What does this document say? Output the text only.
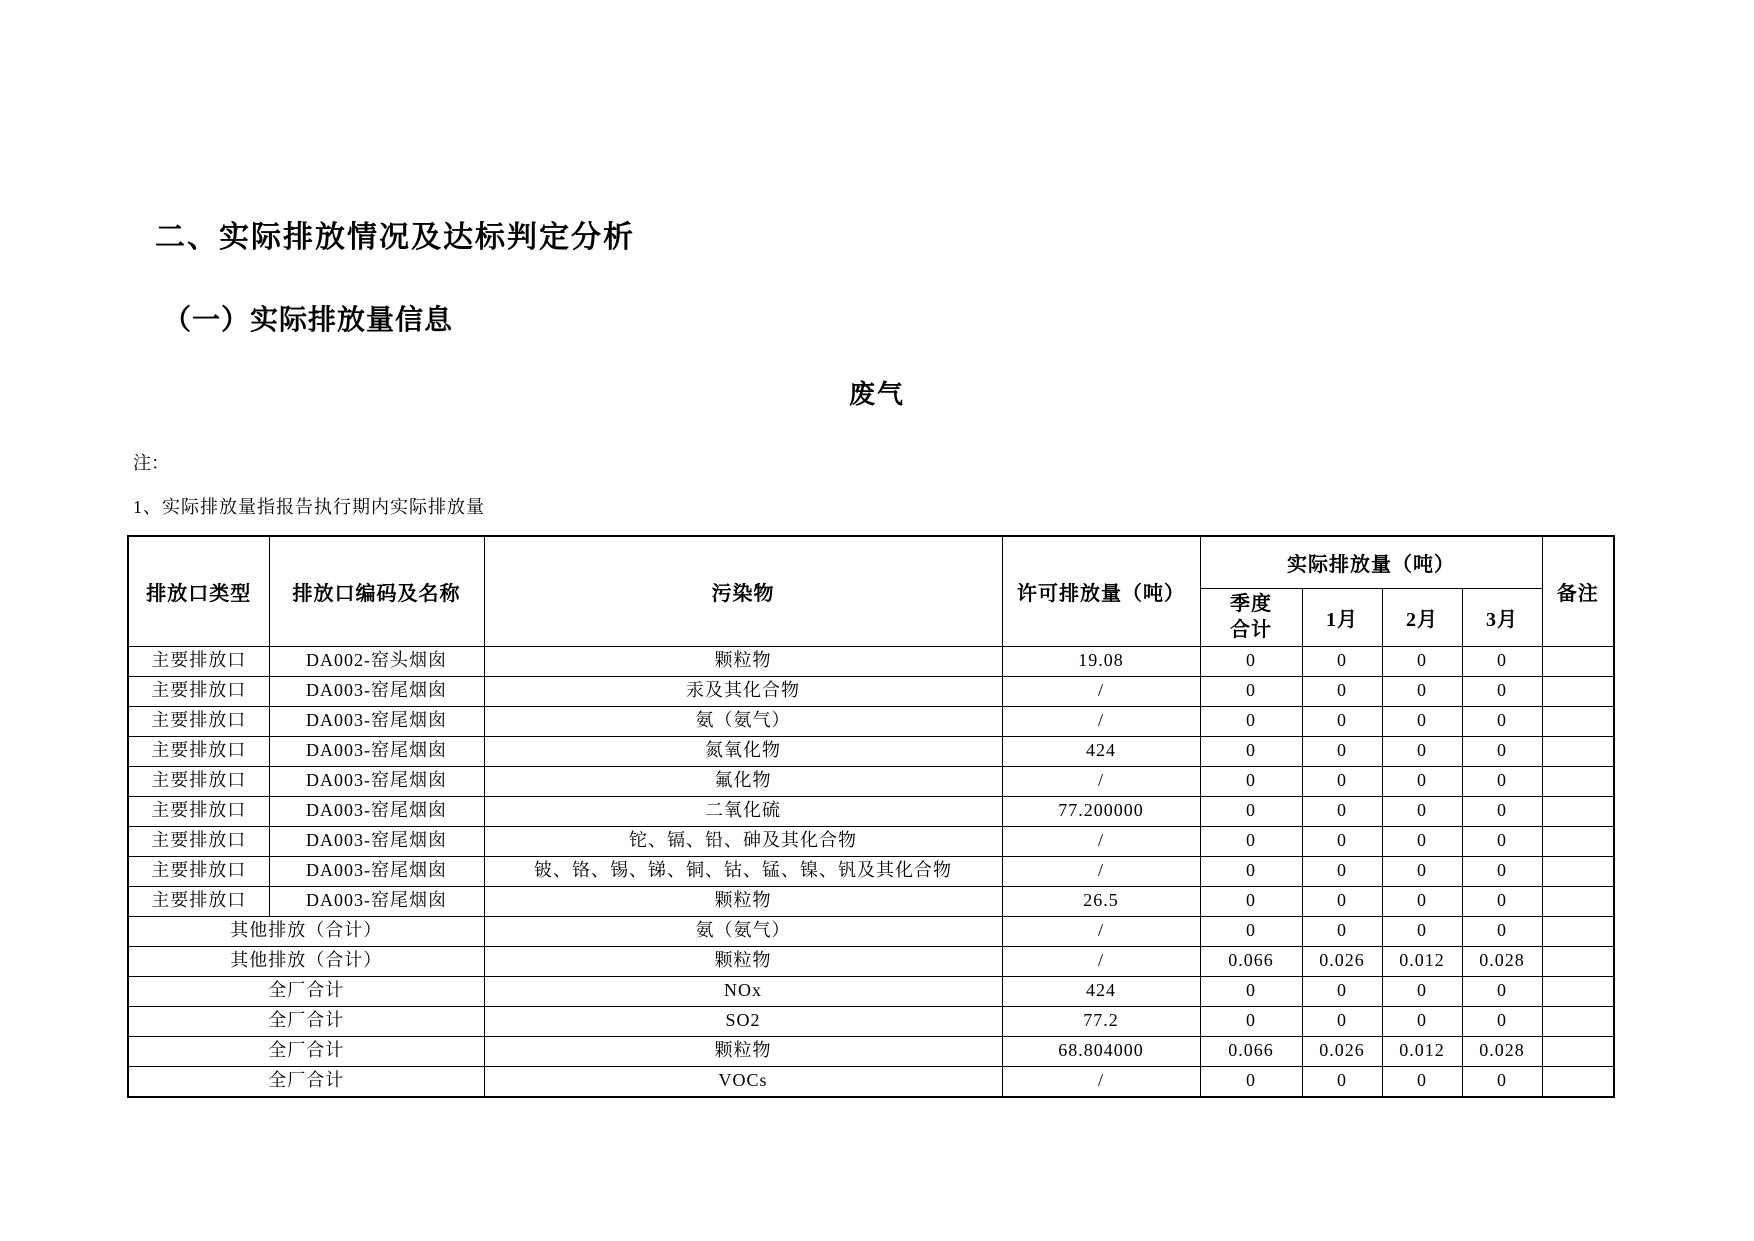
二、实际排放情况及达标判定分析
（一）实际排放量信息
废气
注：
1、实际排放量指报告执行期内实际排放量
排放口类型	排放口编码及名称	污染物	许可排放量（吨）	实际排放量（吨）				备注
				季度合计	1月	2月	3月	
主要排放口	DA002-窑头烟囱	颗粒物	19.08	0	0	0	0	
主要排放口	DA003-窑尾烟囱	汞及其化合物	/	0	0	0	0	
主要排放口	DA003-窑尾烟囱	氨（氨气）	/	0	0	0	0	
主要排放口	DA003-窑尾烟囱	氮氧化物	424	0	0	0	0	
主要排放口	DA003-窑尾烟囱	氟化物	/	0	0	0	0	
主要排放口	DA003-窑尾烟囱	二氧化硫	77.200000	0	0	0	0	
主要排放口	DA003-窑尾烟囱	铊、镉、铅、砷及其化合物	/	0	0	0	0	
主要排放口	DA003-窑尾烟囱	铍、铬、锡、锑、铜、钴、锰、镍、钒及其化合物	/	0	0	0	0	
主要排放口	DA003-窑尾烟囱	颗粒物	26.5	0	0	0	0	
其他排放（合计）		氨（氨气）	/	0	0	0	0	
其他排放（合计）		颗粒物	/	0.066	0.026	0.012	0.028	
全厂合计		NOx	424	0	0	0	0	
全厂合计		SO2	77.2	0	0	0	0	
全厂合计		颗粒物	68.804000	0.066	0.026	0.012	0.028	
全厂合计		VOCs	/	0	0	0	0	
